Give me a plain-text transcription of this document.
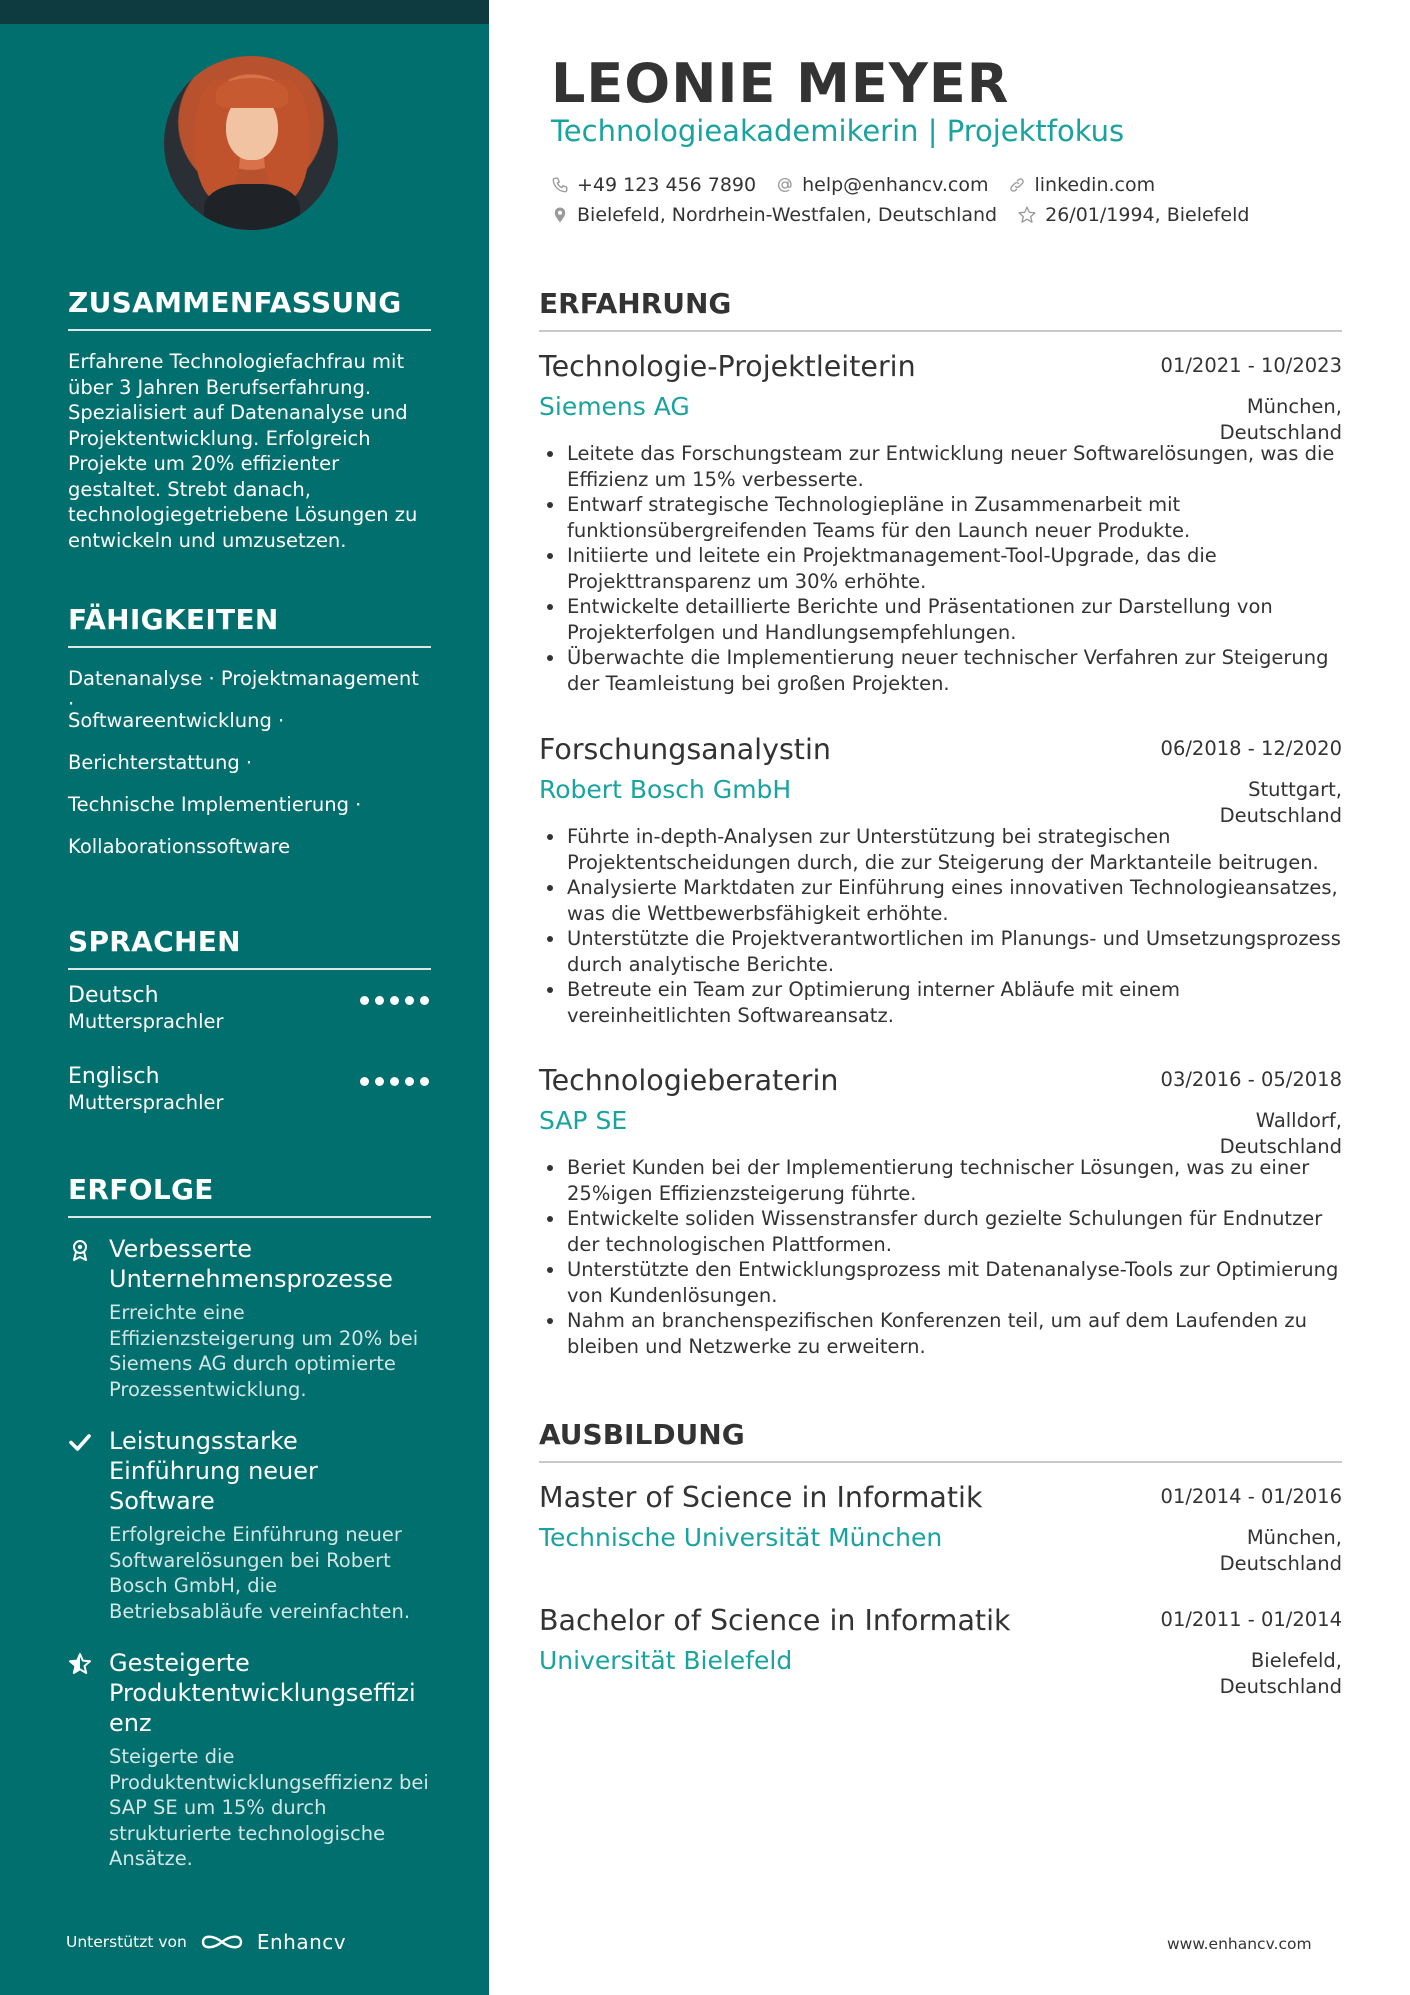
ZUSAMMENFASSUNG

Erfahrene Technologiefachfrau mit über 3 Jahren Berufserfahrung. Spezialisiert auf Datenanalyse und Projektentwicklung. Erfolgreich Projekte um 20% effizienter gestaltet. Strebt danach, technologiegetriebene Lösungen zu entwickeln und umzusetzen.

FÄHIGKEITEN
Datenanalyse · Projektmanagement ·
Softwareentwicklung ·
Berichterstattung ·
Technische Implementierung ·
Kollaborationssoftware
SPRACHEN
Deutsch
Muttersprachler
Englisch
Muttersprachler
ERFOLGE
Verbesserte Unternehmensprozesse
Erreichte eine Effizienzsteigerung um 20% bei Siemens AG durch optimierte Prozessentwicklung.
Leistungsstarke Einführung neuer Software
Erfolgreiche Einführung neuer Softwarelösungen bei Robert Bosch GmbH, die Betriebsabläufe vereinfachten.
Gesteigerte Produktentwicklungseffizi enz
Steigerte die Produktentwicklungseffizienz bei SAP SE um 15% durch strukturierte technologische Ansätze.
Unterstützt von	Enhancv
LEONIE MEYER
Technologieakademikerin | Projektfokus
+49 123 456 7890 help@enhancv.com linkedin.com
Bielefeld, Nordrhein-Westfalen, Deutschland	26/01/1994, Bielefeld
ERFAHRUNG
Technologie-Projektleiterin	01/2021 - 10/2023
Siemens AG	München, Deutschland
Leitete das Forschungsteam zur Entwicklung neuer Softwarelösungen, was die Effizienz um 15% verbesserte.
Entwarf strategische Technologiepläne in Zusammenarbeit mit funktionsübergreifenden Teams für den Launch neuer Produkte.
Initiierte und leitete ein Projektmanagement-Tool-Upgrade, das die Projekttransparenz um 30% erhöhte.
Entwickelte detaillierte Berichte und Präsentationen zur Darstellung von Projekterfolgen und Handlungsempfehlungen.
Überwachte die Implementierung neuer technischer Verfahren zur Steigerung der Teamleistung bei großen Projekten.
Forschungsanalystin	06/2018 - 12/2020
Robert Bosch GmbH	Stuttgart, Deutschland
Führte in-depth-Analysen zur Unterstützung bei strategischen Projektentscheidungen durch, die zur Steigerung der Marktanteile beitrugen.
Analysierte Marktdaten zur Einführung eines innovativen Technologieansatzes, was die Wettbewerbsfähigkeit erhöhte.
Unterstützte die Projektverantwortlichen im Planungs- und Umsetzungsprozess durch analytische Berichte.
Betreute ein Team zur Optimierung interner Abläufe mit einem vereinheitlichten Softwareansatz.
Technologieberaterin	03/2016 - 05/2018
SAP SE	Walldorf, Deutschland
Beriet Kunden bei der Implementierung technischer Lösungen, was zu einer 25%igen Effizienzsteigerung führte.
Entwickelte soliden Wissenstransfer durch gezielte Schulungen für Endnutzer der technologischen Plattformen.
Unterstützte den Entwicklungsprozess mit Datenanalyse-Tools zur Optimierung von Kundenlösungen.
Nahm an branchenspezifischen Konferenzen teil, um auf dem Laufenden zu bleiben und Netzwerke zu erweitern.
AUSBILDUNG
Master of Science in Informatik	01/2014 - 01/2016
Technische Universität München	München, Deutschland
Bachelor of Science in Informatik	01/2011 - 01/2014
Universität Bielefeld	Bielefeld, Deutschland
www.enhancv.com
